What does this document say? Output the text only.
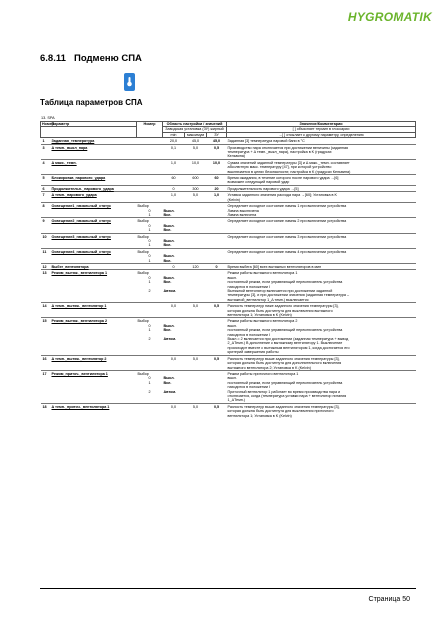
HYGROMATIK
6.8.11 Подменю СПА
Таблица параметров СПА
13. SPA
Номер	Параметр	Номер	Область настройки / значений			Значение/Комментарии
			Заводская установка (ЗУ) жирный			[ ] объясняет термин в глоссарии
			min	максимум	ЗУ	→[ ] отсылает к другому параметру, определению
1	Заданная_температура		20,0	45,0	45,0	Заданная [3] температура паровой бани в °C
3	Δ темп._выкл_пара		0,1	5,0	0,5	Производство пара отключается при достижении величины (заданная
						температура + Δ темп._выкл_пара), настройка в K (градусах
						Кельвина)
4	Δ макс._темп.		1,0	10,0	10,0	Сумма значений заданной температуры [3] и Δ макс._темп. составляет
						абсолютную макс. температуру [47], при которой устройство
						выключается в целях безопасности; настройка в K (градусах Кельвина)
5	Блокировка_парового_удара		60	600	60	Время ожидания, в течение которого после парового удара →[6]
						возможен следующий паровой удар
6	Продолжительн._парового_удара		0	300	20	Продолжительность парового удара →[5]
7	Δ темп._парового_удара		1,0	5,0	1,0	Уставка заданного значения расхода пара →[60]; Установка в K
						(Kelvin)
8	Освещение1_начальный_статус	Выбор				Определяет исходное состояние лампы 1 при включении устройства
		0	Выкл.			Лампа выключена
		1	Вкл.			Лампа включена
9	Освещение2_начальный_статус	Выбор				Определяет исходное состояние лампы 2 при включении устройства
		0	Выкл.			
		1	Вкл.			
10	Освещение3_начальный_статус	Выбор				Определяет исходное состояние лампы 3 при включении устройства
		0	Выкл.			
		1	Вкл.			
11	Освещение4_начальный_статус	Выбор				Определяет исходное состояние лампы 4 при включении устройства
		0	Выкл.			
		1	Вкл.			
12	Выбег_вентилятора		0	120	0	Время выбега [60] всех вытяжных вентиляторов в мин
13	Режим_вытяж._вентилятора 1	Выбор				Режим работы вытяжного вентилятора 1
		0	Выкл.			выкл.
		1	Вкл.			постоянный режим, если управляющий переключатель устройства
						находится в положении I
		2	Автом.			Вытяжной вентилятор включается при достижении заданной
						температуры [3], и при достижении значения (заданная температура –
						вытяжной_вентилятор 1_Δ темп.) выключается
14	Δ темп._вытяж._вентилятор 1		0,0	5,0	0,5	Разность температур ниже заданного значения температуры [3],
						которая должна быть достигнута для выключения вытяжного
						вентилятора 1; Установка в K (Kelvin)
15	Режим_вытяж._вентилятора 2	Выбор				Режим работы вытяжного вентилятора 2
		0	Выкл.			выкл.
		1	Вкл.			постоянный режим, если управляющий переключатель устройства
						находится в положении I
		2	Автом.			Выкл.= 2 включается при достижении (заданная температура + вывод
						2_ΔТемп.) В дополнение к вытяжному вентилятору 1. Выключение
						происходит вместе с вытяжным вентилятором 1, когда достигается его
						критерий завершения работы
16	Δ темп._вытяж._вентилятор 2		0,0	5,0	0,5	Разность температур выше заданного значения температуры [3],
						которая должна быть достигнута для дополнительного включения
						вытяжного вентилятора 2; Установка в K (Kelvin)
17	Режим_приточ._вентилятора 1	Выбор				Режим работы приточного вентилятора 1
		0	Выкл.			выкл.
		1	Вкл.			постоянный режим, если управляющий переключатель устройства
						находится в положении I
		2	Автом.			Приточный вентилятор 1 работает во время производства пара и
						отключается, когда (температура уставки пара + вентилятор питания
						1_ΔТемп.)
18	Δ темп._приточ._вентилятора 1		0,0	5,0	0,5	Разность температур выше заданного значения температуры [3],
						которая должна быть достигнута для выключения приточного
						вентилятора 1; Установка в K (Kelvin)
Страница 50
